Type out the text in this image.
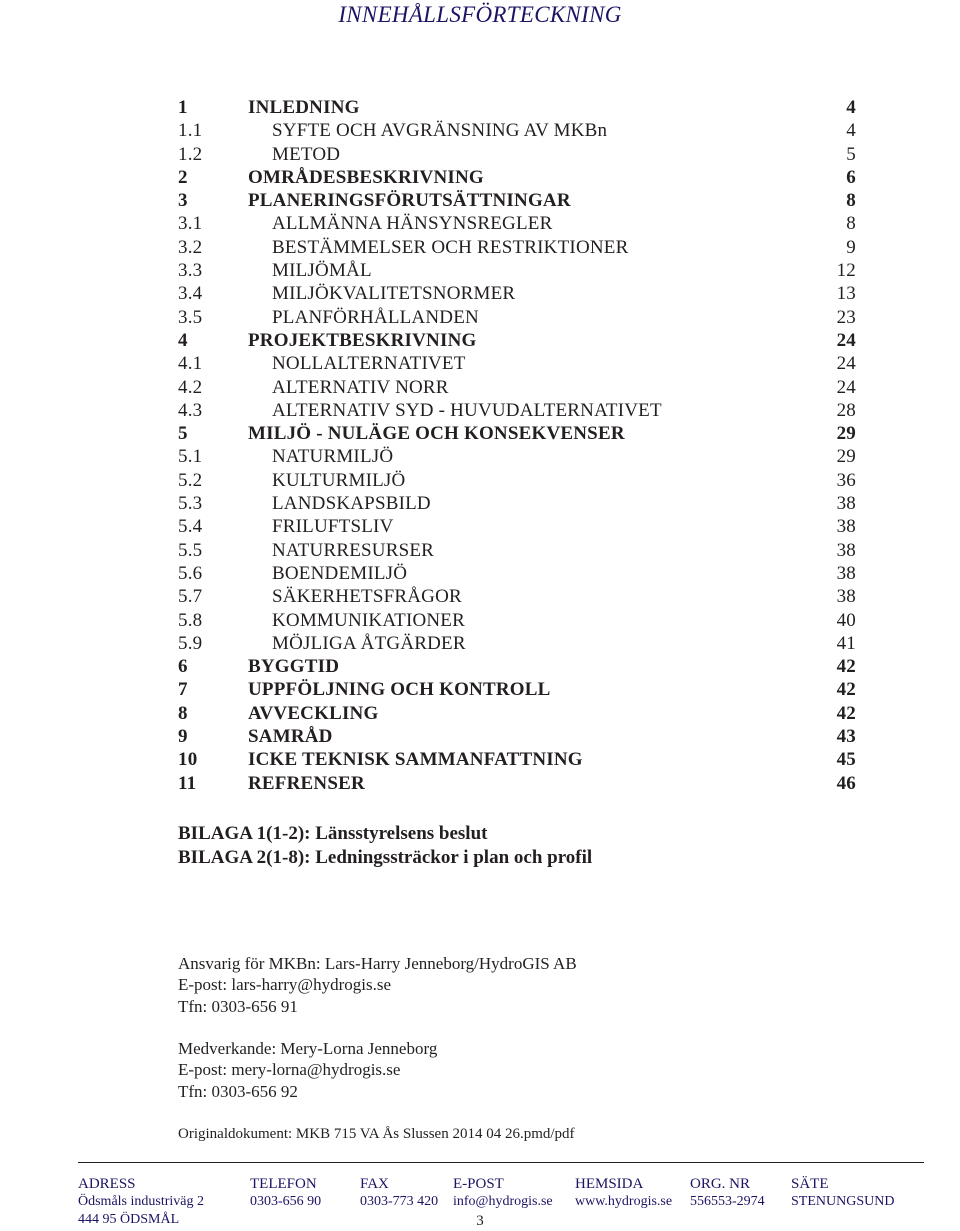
INNEHÅLLSFÖRTECKNING
1	INLEDNING	4
1.1	SYFTE OCH AVGRÄNSNING AV MKBn	4
1.2	METOD	5
2	OMRÅDESBESKRIVNING	6
3	PLANERINGSFÖRUTSÄTTNINGAR	8
3.1	ALLMÄNNA HÄNSYNSREGLER	8
3.2	BESTÄMMELSER OCH RESTRIKTIONER	9
3.3	MILJÖMÅL	12
3.4	MILJÖKVALITETSNORMER	13
3.5	PLANFÖRHÅLLANDEN	23
4	PROJEKTBESKRIVNING	24
4.1	NOLLALTERNATIVET	24
4.2	ALTERNATIV NORR	24
4.3	ALTERNATIV SYD - HUVUDALTERNATIVET	28
5	MILJÖ - NULÄGE OCH KONSEKVENSER	29
5.1	NATURMILJÖ	29
5.2	KULTURMILJÖ	36
5.3	LANDSKAPSBILD	38
5.4	FRILUFTSLIV	38
5.5	NATURRESURSER	38
5.6	BOENDEMILJÖ	38
5.7	SÄKERHETSFRÅGOR	38
5.8	KOMMUNIKATIONER	40
5.9	MÖJLIGA ÅTGÄRDER	41
6	BYGGTID	42
7	UPPFÖLJNING OCH KONTROLL	42
8	AVVECKLING	42
9	SAMRÅD	43
10	ICKE TEKNISK SAMMANFATTNING	45
11	REFRENSER	46
BILAGA 1(1-2): Länsstyrelsens beslut
BILAGA 2(1-8): Ledningssträckor i plan och profil
Ansvarig för MKBn: Lars-Harry Jenneborg/HydroGIS AB
E-post: lars-harry@hydrogis.se
Tfn: 0303-656 91
Medverkande: Mery-Lorna Jenneborg
E-post: mery-lorna@hydrogis.se
Tfn: 0303-656 92
Originaldokument: MKB 715 VA Ås Slussen 2014 04 26.pmd/pdf
ADRESS
Ödsmåls industriväg 2
444 95 ÖDSMÅL
TELEFON
0303-656 90
FAX
0303-773 420
E-POST
info@hydrogis.se
HEMSIDA
www.hydrogis.se
ORG. NR
556553-2974
SÄTE
STENUNGSUND
3
